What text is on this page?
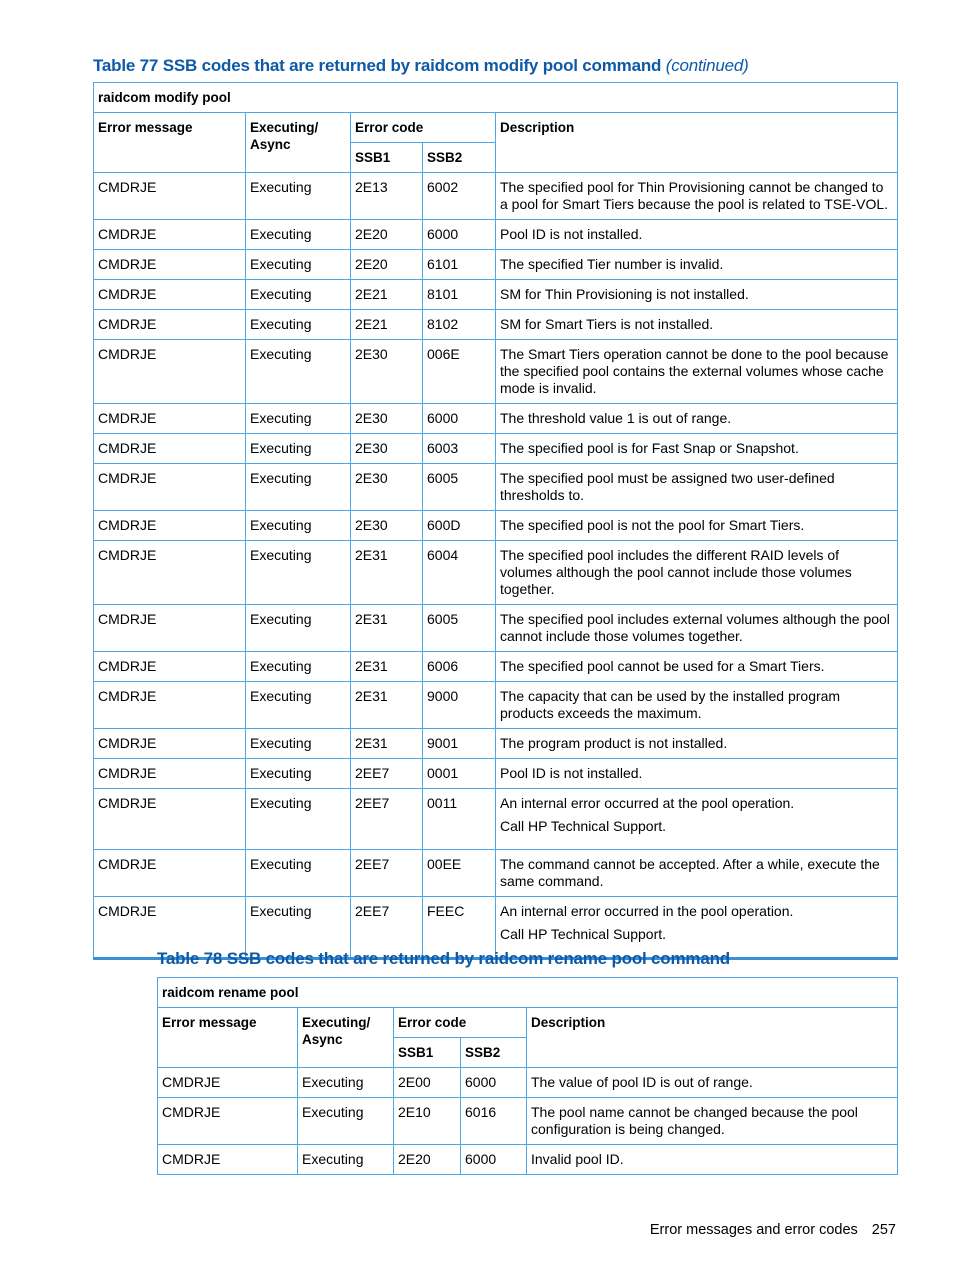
Table 77 SSB codes that are returned by raidcom modify pool command (continued)
raidcom modify pool				
Error message	Executing/ Async	Error code		Description
		SSB1	SSB2	
CMDRJE	Executing	2E13	6002	The specified pool for Thin Provisioning cannot be changed to a pool for Smart Tiers because the pool is related to TSE-VOL.

CMDRJE	Executing	2E20	6000	Pool ID is not installed.

CMDRJE	Executing	2E20	6101	The specified Tier number is invalid.

CMDRJE	Executing	2E21	8101	SM for Thin Provisioning is not installed.

CMDRJE	Executing	2E21	8102	SM for Smart Tiers is not installed.

CMDRJE	Executing	2E30	006E	The Smart Tiers operation cannot be done to the pool because the specified pool contains the external volumes whose cache mode is invalid.

CMDRJE	Executing	2E30	6000	The threshold value 1 is out of range.

CMDRJE	Executing	2E30	6003	The specified pool is for Fast Snap or Snapshot.

CMDRJE	Executing	2E30	6005	The specified pool must be assigned two user-defined thresholds to.

CMDRJE	Executing	2E30	600D	The specified pool is not the pool for Smart Tiers.

CMDRJE	Executing	2E31	6004	The specified pool includes the different RAID levels of volumes although the pool cannot include those volumes together.

CMDRJE	Executing	2E31	6005	The specified pool includes external volumes although the pool cannot include those volumes together.

CMDRJE	Executing	2E31	6006	The specified pool cannot be used for a Smart Tiers.

CMDRJE	Executing	2E31	9000	The capacity that can be used by the installed program products exceeds the maximum.

CMDRJE	Executing	2E31	9001	The program product is not installed.

CMDRJE	Executing	2EE7	0001	Pool ID is not installed.

CMDRJE	Executing	2EE7	0011	An internal error occurred at the pool operation.

Call HP Technical Support.

CMDRJE	Executing	2EE7	00EE	The command cannot be accepted. After a while, execute the same command.

CMDRJE	Executing	2EE7	FEEC	An internal error occurred in the pool operation.

Call HP Technical Support.

Table 78 SSB codes that are returned by raidcom rename pool command
raidcom rename pool				
Error message	Executing/ Async	Error code		Description
		SSB1	SSB2	
CMDRJE	Executing	2E00	6000	The value of pool ID is out of range.

CMDRJE	Executing	2E10	6016	The pool name cannot be changed because the pool configuration is being changed.

CMDRJE	Executing	2E20	6000	Invalid pool ID.

Error messages and error codes 257
